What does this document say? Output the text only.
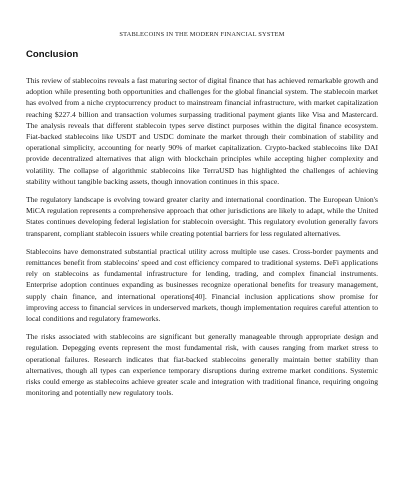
STABLECOINS IN THE MODERN FINANCIAL SYSTEM
Conclusion

This review of stablecoins reveals a fast maturing sector of digital finance that has achieved remarkable growth and adoption while presenting both opportunities and challenges for the global financial system. The stablecoin market has evolved from a niche cryptocurrency product to mainstream financial infrastructure, with market capitalization reaching $227.4 billion and transaction volumes surpassing traditional payment giants like Visa and Mastercard. The analysis reveals that different stablecoin types serve distinct purposes within the digital finance ecosystem. Fiat-backed stablecoins like USDT and USDC dominate the market through their combination of stability and operational simplicity, accounting for nearly 90% of market capitalization. Crypto-backed stablecoins like DAI provide decentralized alternatives that align with blockchain principles while accepting higher complexity and volatility. The collapse of algorithmic stablecoins like TerraUSD has highlighted the challenges of achieving stability without tangible backing assets, though innovation continues in this space.

The regulatory landscape is evolving toward greater clarity and international coordination. The European Union's MiCA regulation represents a comprehensive approach that other jurisdictions are likely to adapt, while the United States continues developing federal legislation for stablecoin oversight. This regulatory evolution generally favors transparent, compliant stablecoin issuers while creating potential barriers for less regulated alternatives.

Stablecoins have demonstrated substantial practical utility across multiple use cases. Cross-border payments and remittances benefit from stablecoins' speed and cost efficiency compared to traditional systems. DeFi applications rely on stablecoins as fundamental infrastructure for lending, trading, and complex financial instruments. Enterprise adoption continues expanding as businesses recognize operational benefits for treasury management, supply chain finance, and international operations[40]. Financial inclusion applications show promise for improving access to financial services in underserved markets, though implementation requires careful attention to local conditions and regulatory frameworks.

The risks associated with stablecoins are significant but generally manageable through appropriate design and regulation. Depegging events represent the most fundamental risk, with causes ranging from market stress to operational failures. Research indicates that fiat-backed stablecoins generally maintain better stability than alternatives, though all types can experience temporary disruptions during extreme market conditions. Systemic risks could emerge as stablecoins achieve greater scale and integration with traditional finance, requiring ongoing monitoring and potentially new regulatory tools.
